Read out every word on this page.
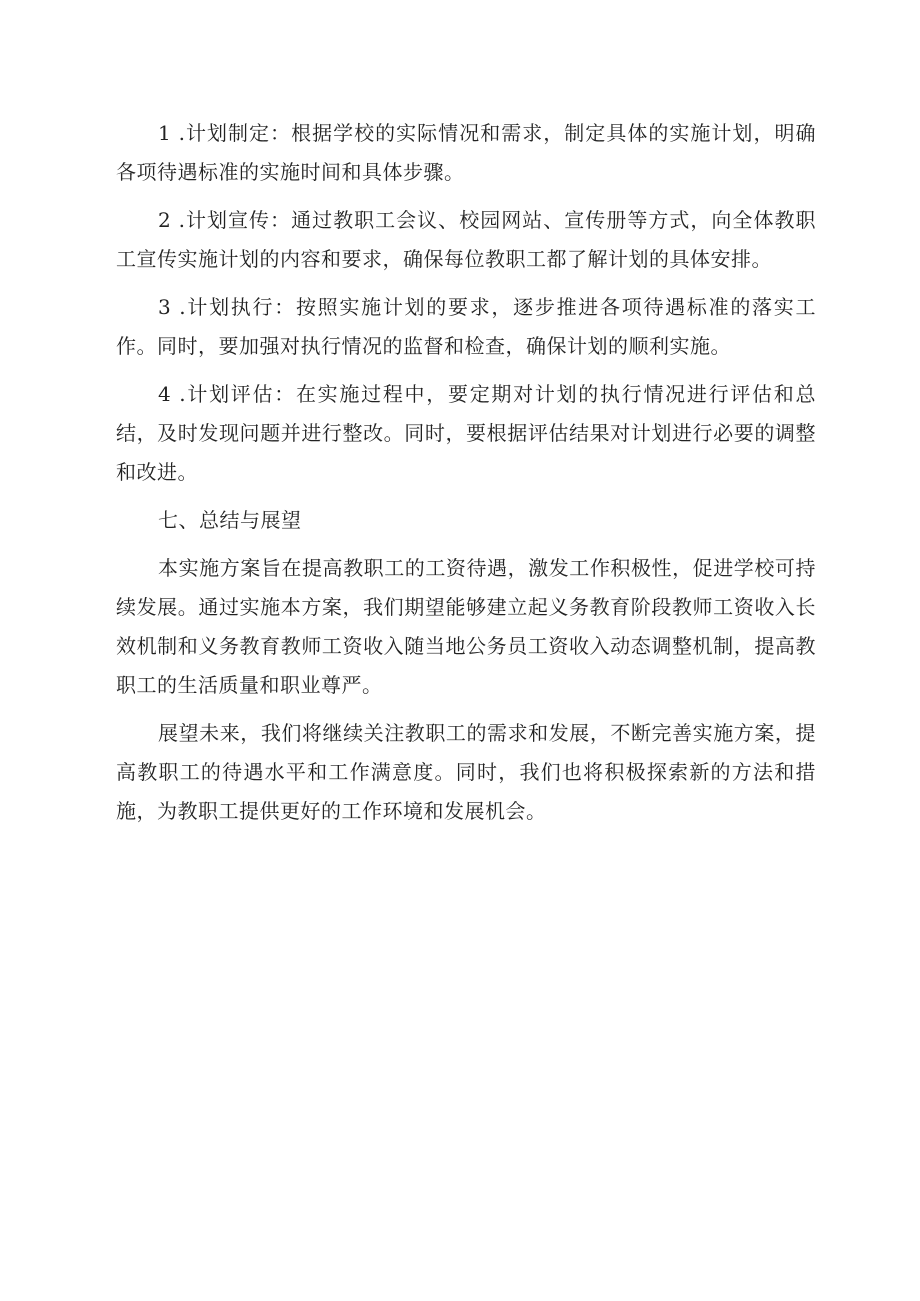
1 .计划制定：根据学校的实际情况和需求，制定具体的实施计划，明确各项待遇标准的实施时间和具体步骤。

2 .计划宣传：通过教职工会议、校园网站、宣传册等方式，向全体教职工宣传实施计划的内容和要求，确保每位教职工都了解计划的具体安排。

3 .计划执行：按照实施计划的要求，逐步推进各项待遇标准的落实工作。同时，要加强对执行情况的监督和检查，确保计划的顺利实施。

4 .计划评估：在实施过程中，要定期对计划的执行情况进行评估和总结，及时发现问题并进行整改。同时，要根据评估结果对计划进行必要的调整和改进。

七、总结与展望

本实施方案旨在提高教职工的工资待遇，激发工作积极性，促进学校可持续发展。通过实施本方案，我们期望能够建立起义务教育阶段教师工资收入长效机制和义务教育教师工资收入随当地公务员工资收入动态调整机制，提高教职工的生活质量和职业尊严。

展望未来，我们将继续关注教职工的需求和发展，不断完善实施方案，提高教职工的待遇水平和工作满意度。同时，我们也将积极探索新的方法和措施，为教职工提供更好的工作环境和发展机会。
